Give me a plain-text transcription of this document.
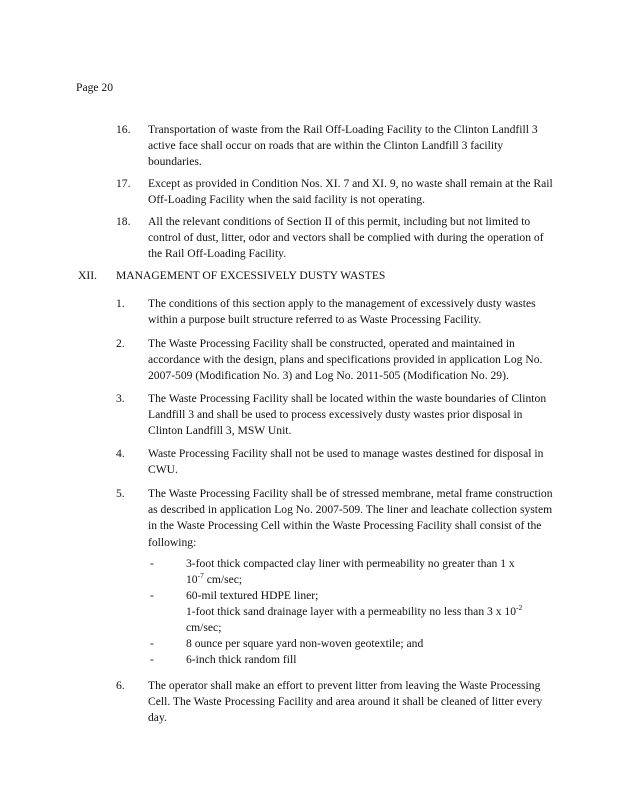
Page 20
16.	Transportation of waste from the Rail Off-Loading Facility to the Clinton Landfill 3 active face shall occur on roads that are within the Clinton Landfill 3 facility boundaries.
17.	Except as provided in Condition Nos. XI. 7 and XI. 9, no waste shall remain at the Rail Off-Loading Facility when the said facility is not operating.
18.	All the relevant conditions of Section II of this permit, including but not limited to control of dust, litter, odor and vectors shall be complied with during the operation of the Rail Off-Loading Facility.
XII. MANAGEMENT OF EXCESSIVELY DUSTY WASTES
1.	The conditions of this section apply to the management of excessively dusty wastes within a purpose built structure referred to as Waste Processing Facility.
2.	The Waste Processing Facility shall be constructed, operated and maintained in accordance with the design, plans and specifications provided in application Log No. 2007-509 (Modification No. 3) and Log No. 2011-505 (Modification No. 29).
3.	The Waste Processing Facility shall be located within the waste boundaries of Clinton Landfill 3 and shall be used to process excessively dusty wastes prior disposal in Clinton Landfill 3, MSW Unit.
4.	Waste Processing Facility shall not be used to manage wastes destined for disposal in CWU.
5.	The Waste Processing Facility shall be of stressed membrane, metal frame construction as described in application Log No. 2007-509. The liner and leachate collection system in the Waste Processing Cell within the Waste Processing Facility shall consist of the following:
-	3-foot thick compacted clay liner with permeability no greater than 1 x
$10^{-7}$ cm/sec;
-	60-mil textured HDPE liner;
1-foot thick sand drainage layer with a permeability no less than 3 x $10^{-2}$
cm/sec;
-	8 ounce per square yard non-woven geotextile; and
-	6-inch thick random fill
6.	The operator shall make an effort to prevent litter from leaving the Waste Processing Cell. The Waste Processing Facility and area around it shall be cleaned of litter every day.
